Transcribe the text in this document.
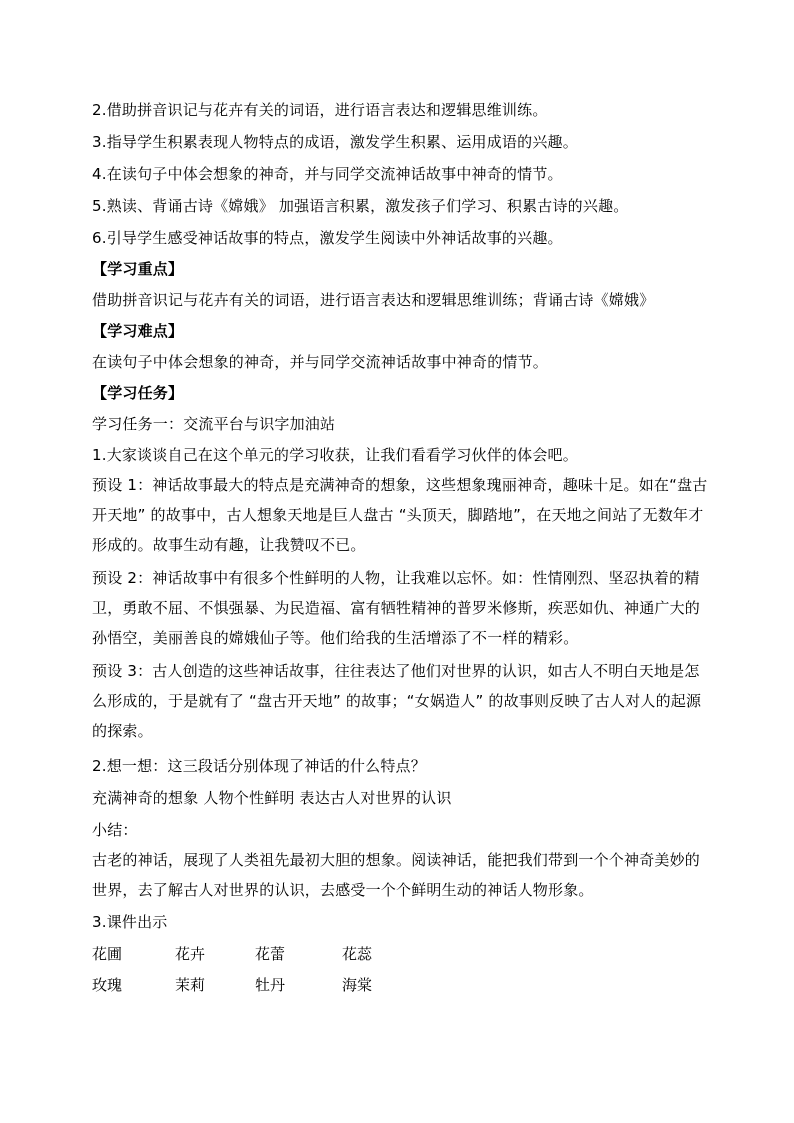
2.借助拼音识记与花卉有关的词语，进行语言表达和逻辑思维训练。
3.指导学生积累表现人物特点的成语，激发学生积累、运用成语的兴趣。
4.在读句子中体会想象的神奇，并与同学交流神话故事中神奇的情节。
5.熟读、背诵古诗《嫦娥》 加强语言积累，激发孩子们学习、积累古诗的兴趣。
6.引导学生感受神话故事的特点，激发学生阅读中外神话故事的兴趣。
【学习重点】
借助拼音识记与花卉有关的词语，进行语言表达和逻辑思维训练；背诵古诗《嫦娥》
【学习难点】
在读句子中体会想象的神奇，并与同学交流神话故事中神奇的情节。
【学习任务】
学习任务一：交流平台与识字加油站
1.大家谈谈自己在这个单元的学习收获，让我们看看学习伙伴的体会吧。
预设 1：神话故事最大的特点是充满神奇的想象，这些想象瑰丽神奇，趣味十足。如在“盘古开天地” 的故事中，古人想象天地是巨人盘古 “头顶天，脚踏地”，在天地之间站了无数年才形成的。故事生动有趣，让我赞叹不已。
预设 2：神话故事中有很多个性鲜明的人物，让我难以忘怀。如：性情刚烈、坚忍执着的精卫，勇敢不屈、不惧强暴、为民造福、富有牺牲精神的普罗米修斯，疾恶如仇、神通广大的孙悟空，美丽善良的嫦娥仙子等。他们给我的生活增添了不一样的精彩。
预设 3：古人创造的这些神话故事，往往表达了他们对世界的认识，如古人不明白天地是怎么形成的，于是就有了 “盘古开天地” 的故事；“女娲造人” 的故事则反映了古人对人的起源的探索。
2.想一想：这三段话分别体现了神话的什么特点？
充满神奇的想象 人物个性鲜明 表达古人对世界的认识
小结：
古老的神话，展现了人类祖先最初大胆的想象。阅读神话，能把我们带到一个个神奇美妙的世界，去了解古人对世界的认识，去感受一个个鲜明生动的神话人物形象。
3.课件出示
花圃	花卉	花蕾	花蕊
玫瑰	茉莉	牡丹	海棠
